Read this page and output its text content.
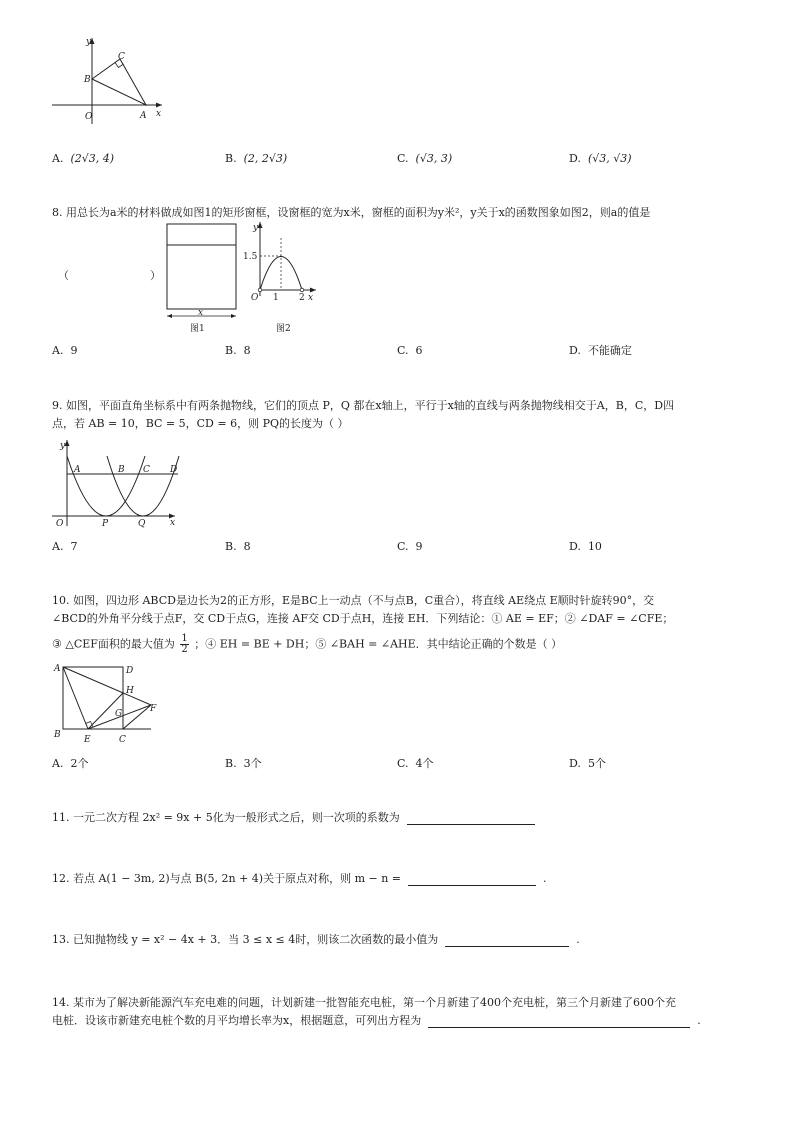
y
x
O	A
B
C
A. (2√3, 4)	B. (2, 2√3)	C. (√3, 3)	D. (√3, √3)
8. 用总长为a米的材料做成如图1的矩形窗框，设窗框的宽为x米，窗框的面积为y米²，y关于x的函数图象如图2，则a的值是
（	）
x
图1
y
x
O
1.5
1 2
图2
A. 9	B. 8	C. 6	D. 不能确定
9. 如图，平面直角坐标系中有两条抛物线，它们的顶点 P，Q 都在x轴上，平行于x轴的直线与两条抛物线相交于A，B，C，D四
点，若 AB = 10，BC = 5，CD = 6，则 PQ的长度为（ ）
y
x
O
A	B C D
P	Q
A. 7	B. 8	C. 9	D. 10
10. 如图，四边形 ABCD是边长为2的正方形，E是BC上一动点（不与点B，C重合），将直线 AE绕点 E顺时针旋转90°，交
∠BCD的外角平分线于点F，交 CD于点G，连接 AF交 CD于点H，连接 EH．下列结论：① AE = EF；② ∠DAF = ∠CFE；
③ △CEF面积的最大值为 $\frac{1}{2}$ ；④ EH = BE + DH；⑤ ∠BAH = ∠AHE．其中结论正确的个数是（ ）
A
B	C
D
E
F
G
H
A. 2个	B. 3个	C. 4个	D. 5个
11. 一元二次方程 2x² = 9x + 5化为一般形式之后，则一次项的系数为
12. 若点 A(1 − 3m, 2)与点 B(5, 2n + 4)关于原点对称，则 m − n =	.
13. 已知抛物线 y = x² − 4x + 3．当 3 ≤ x ≤ 4时，则该二次函数的最小值为	.
14. 某市为了解决新能源汽车充电难的问题，计划新建一批智能充电桩，第一个月新建了400个充电桩，第三个月新建了600个充
电桩．设该市新建充电桩个数的月平均增长率为x，根据题意，可列出方程为	.
